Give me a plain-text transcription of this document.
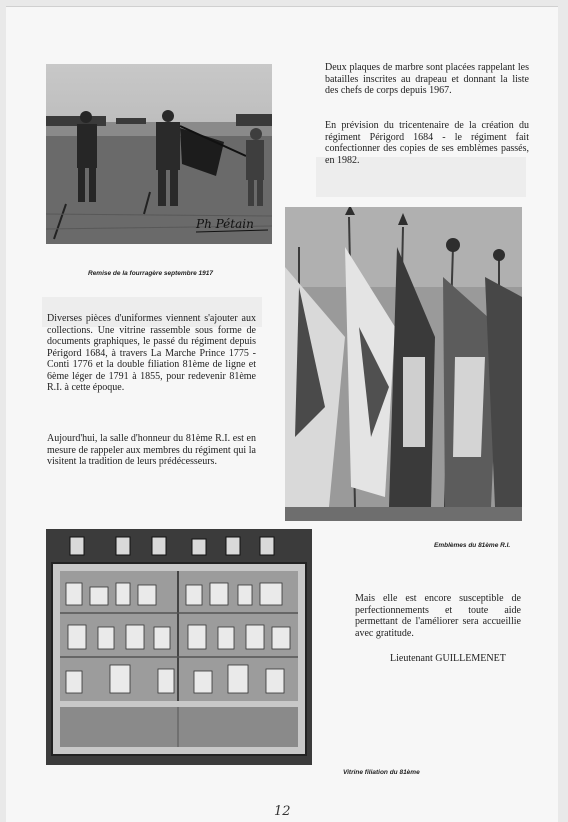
Ph Pétain
Remise de la fourragère septembre 1917

Deux plaques de marbre sont placées rappelant les batailles inscrites au drapeau et donnant la liste des chefs de corps depuis 1967.

En prévision du tricentenaire de la création du régiment Périgord 1684 - le régiment fait confectionner des copies de ses emblèmes passés, en 1982.

Emblèmes du 81ème R.I.

Diverses pièces d'uniformes viennent s'ajouter aux collections. Une vitrine rassemble sous forme de documents graphiques, le passé du régiment depuis Périgord 1684, à travers La Marche Prince 1775 - Conti 1776 et la double filiation 81ème de ligne et 6ème léger de 1791 à 1855, pour redevenir 81ème R.I. à cette époque.

Aujourd'hui, la salle d'honneur du 81ème R.I. est en mesure de rappeler aux membres du régiment qui la visitent la tradition de leurs prédécesseurs.

Vitrine filiation du 81ème

Mais elle est encore susceptible de perfectionnements et toute aide permettant de l'améliorer sera accueillie avec gratitude.

Lieutenant GUILLEMENET
12
